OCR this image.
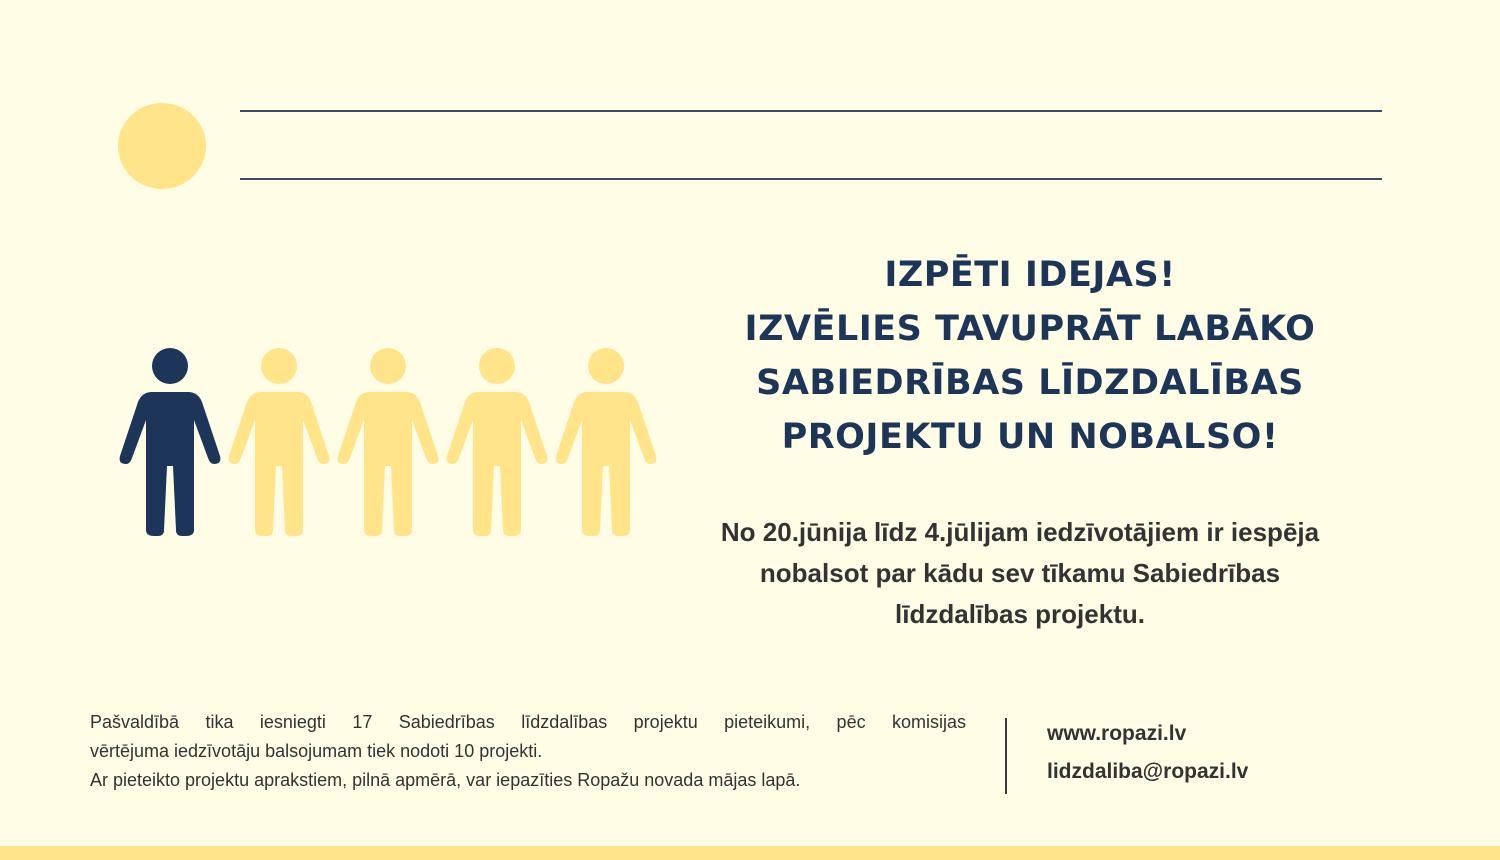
IZPĒTI IDEJAS!
IZVĒLIES TAVUPRĀT LABĀKO
SABIEDRĪBAS LĪDZDALĪBAS
PROJEKTU UN NOBALSO!
No 20.jūnija līdz 4.jūlijam iedzīvotājiem ir iespēja
nobalsot par kādu sev tīkamu Sabiedrības
līdzdalības projektu.
Pašvaldībā tika iesniegti 17 Sabiedrības līdzdalības projektu pieteikumi, pēc komisijas
vērtējuma iedzīvotāju balsojumam tiek nodoti 10 projekti.
Ar pieteikto projektu aprakstiem, pilnā apmērā, var iepazīties Ropažu novada mājas lapā.
www.ropazi.lv
lidzdaliba@ropazi.lv
